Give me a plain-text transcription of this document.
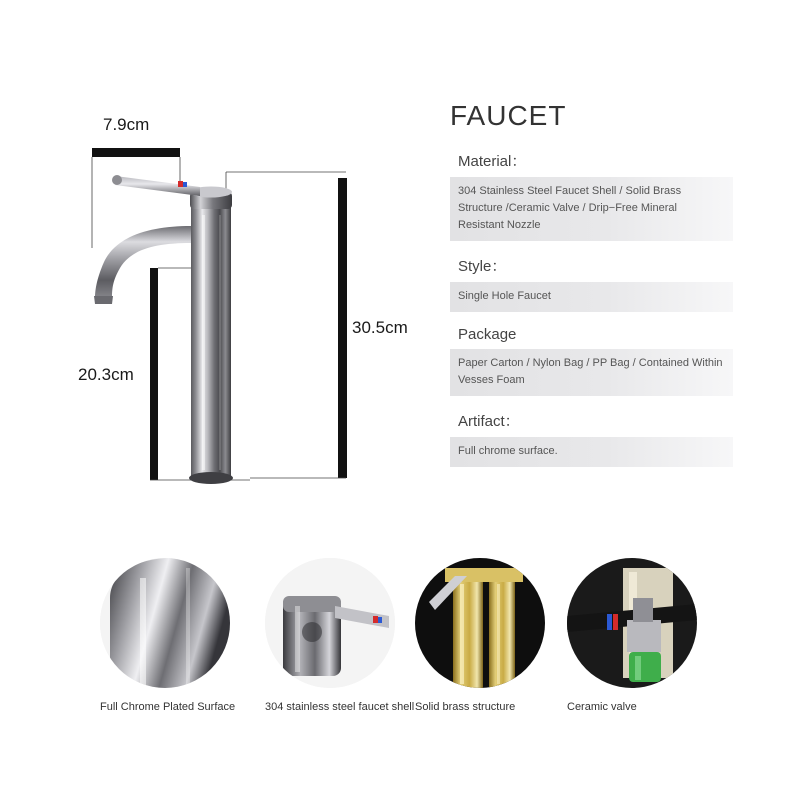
7.9cm
30.5cm
20.3cm
FAUCET
Material：
304 Stainless Steel Faucet Shell / Solid Brass Structure /Ceramic Valve / Drip−Free Mineral Resistant Nozzle
Style：
Single Hole Faucet
Package
Paper Carton / Nylon Bag / PP Bag / Contained Within Vesses Foam
Artifact：
Full chrome surface.
Full Chrome Plated Surface	304 stainless steel faucet shell Solid brass structure	Ceramic valve
